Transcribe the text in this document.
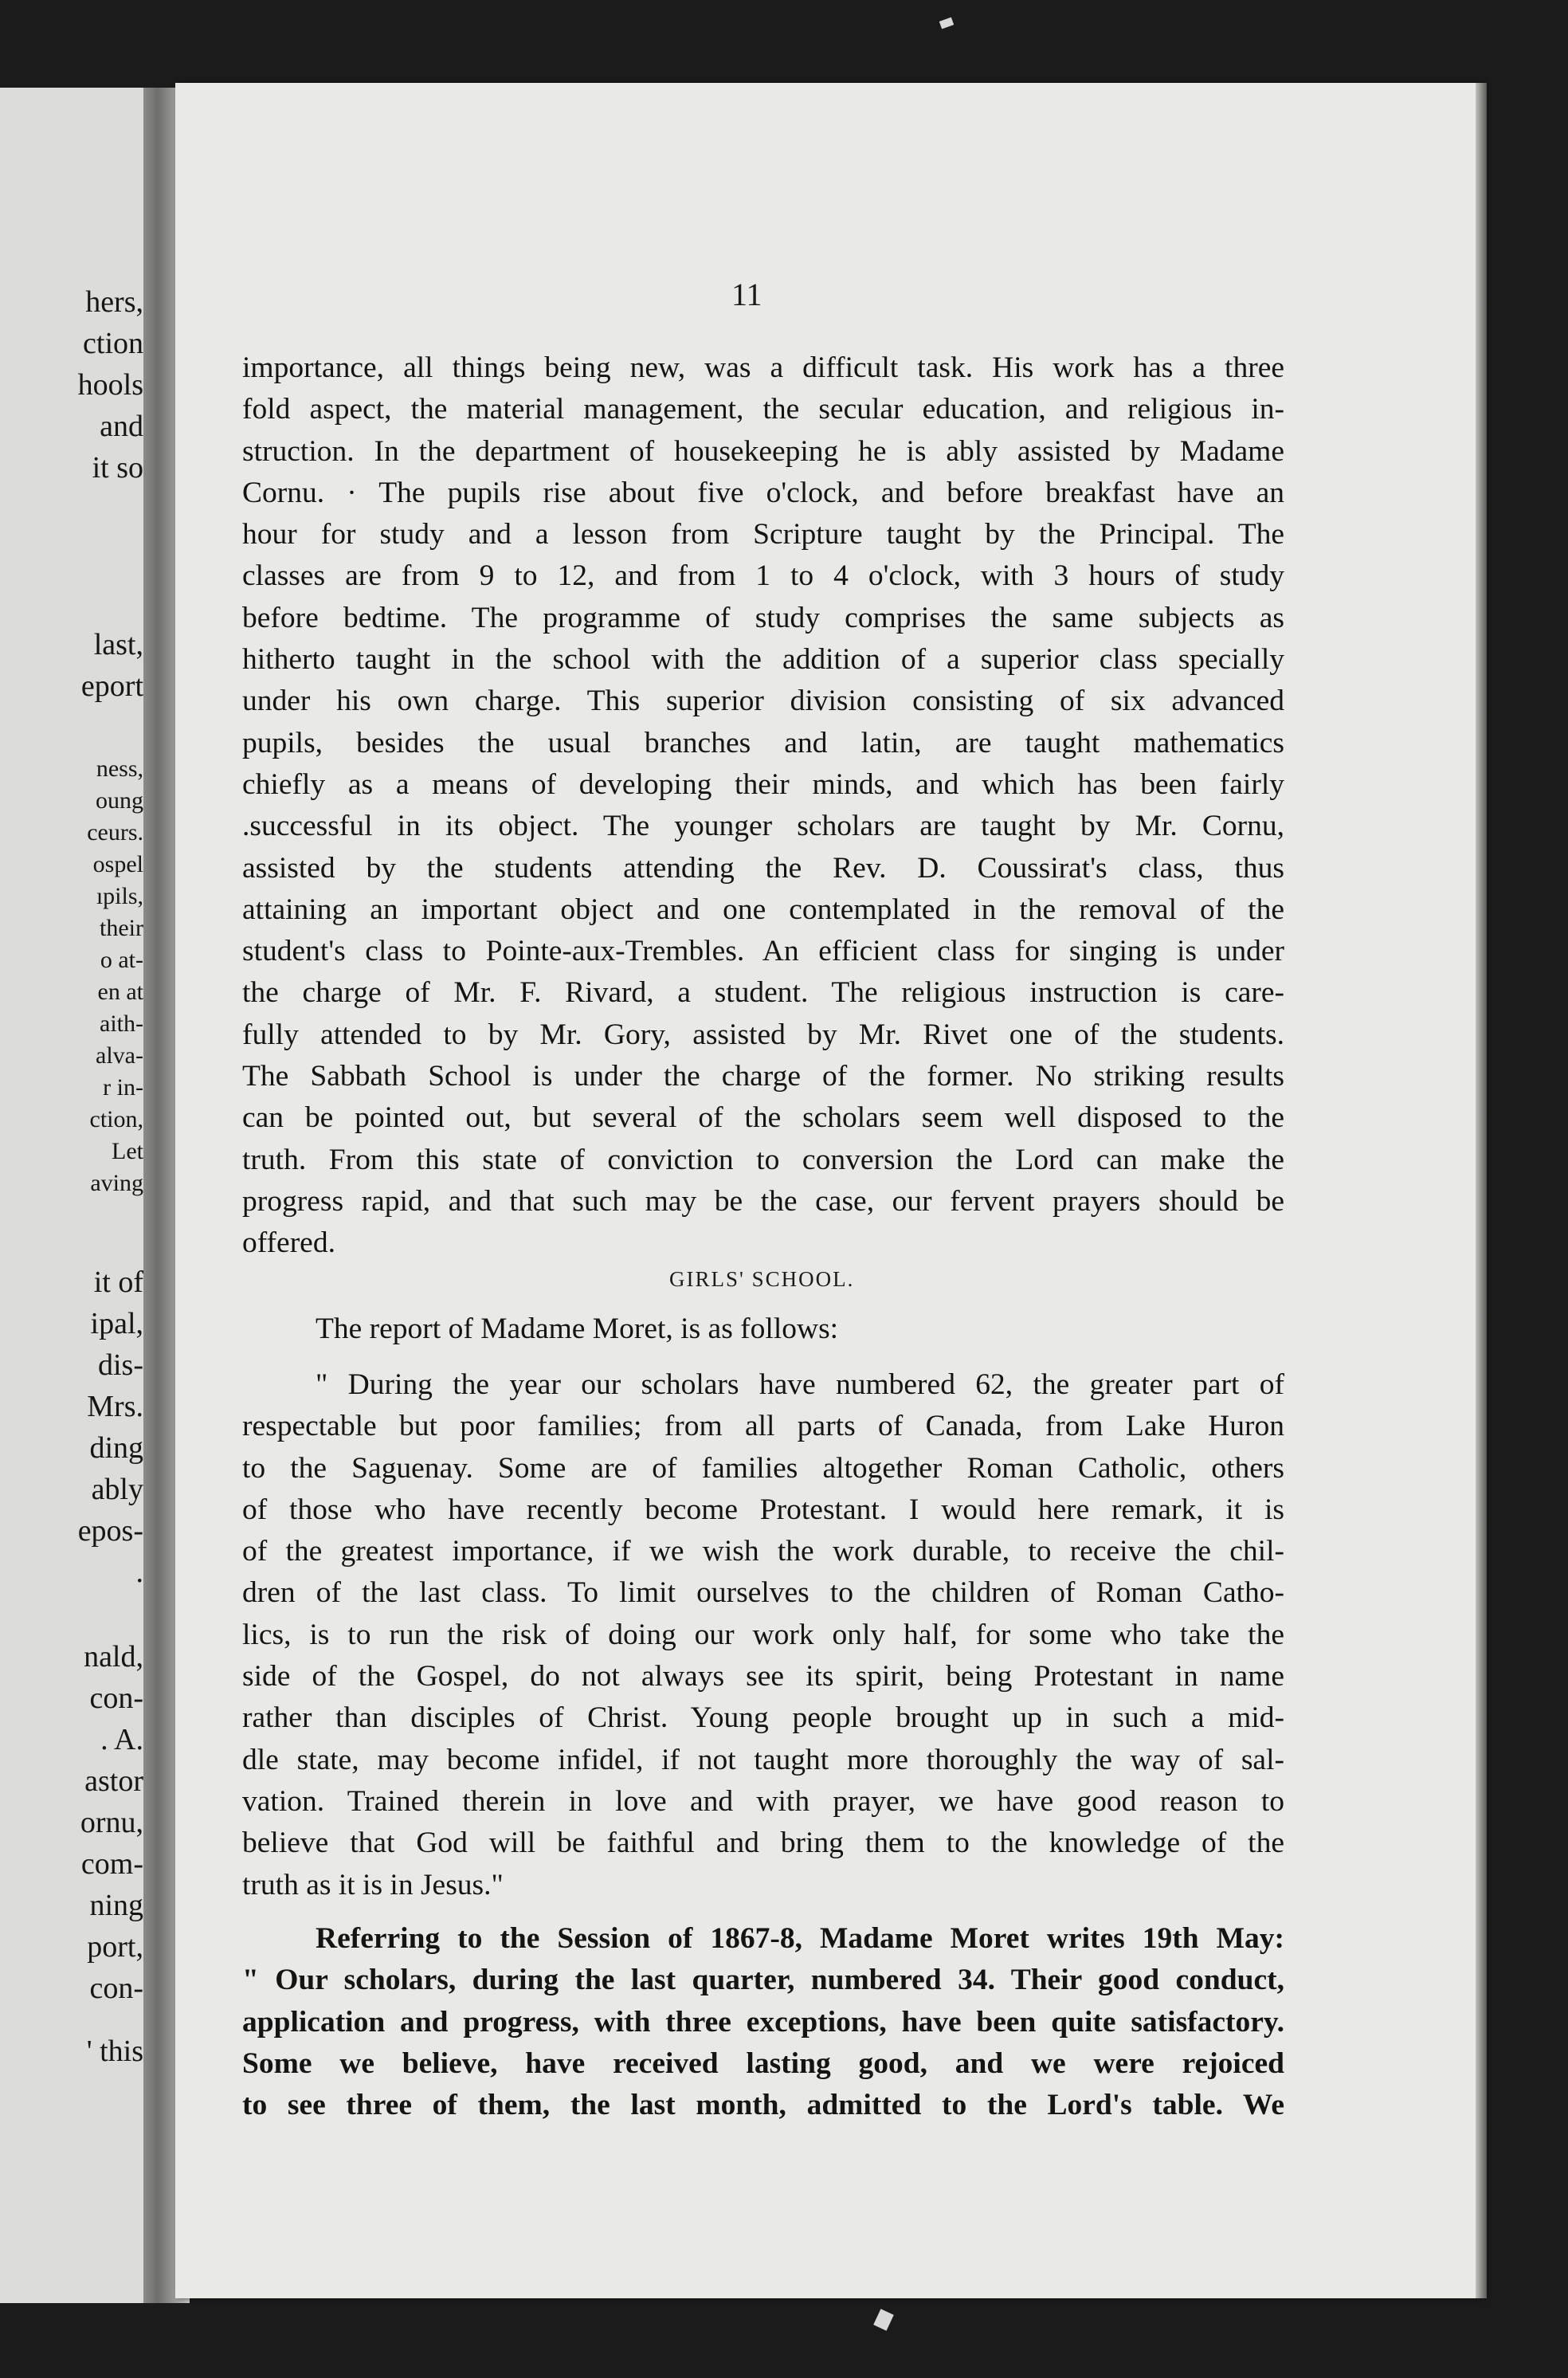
hers,
ction
hools
and
it so
last,
eport
ness,
oung
ceurs.
ospel
ıpils,
their
o at-
en at
aith-
alva-
r in-
ction,
Let
aving
it of
ipal,
dis-
Mrs.
ding
ably
epos-
.
nald,
con-
. A.
astor
ornu,
com-
ning
port,
con-
' this
11
importance, all things being new, was a difficult task. His work has a three
fold aspect, the material management, the secular education, and religious in-
struction. In the department of housekeeping he is ably assisted by Madame
Cornu. · The pupils rise about five o'clock, and before breakfast have an
hour for study and a lesson from Scripture taught by the Principal. The
classes are from 9 to 12, and from 1 to 4 o'clock, with 3 hours of study
before bedtime. The programme of study comprises the same subjects as
hitherto taught in the school with the addition of a superior class specially
under his own charge. This superior division consisting of six advanced
pupils, besides the usual branches and latin, are taught mathematics
chiefly as a means of developing their minds, and which has been fairly
.successful in its object. The younger scholars are taught by Mr. Cornu,
assisted by the students attending the Rev. D. Coussirat's class, thus
attaining an important object and one contemplated in the removal of the
student's class to Pointe-aux-Trembles. An efficient class for singing is under
the charge of Mr. F. Rivard, a student. The religious instruction is care-
fully attended to by Mr. Gory, assisted by Mr. Rivet one of the students.
The Sabbath School is under the charge of the former. No striking results
can be pointed out, but several of the scholars seem well disposed to the
truth. From this state of conviction to conversion the Lord can make the
progress rapid, and that such may be the case, our fervent prayers should be
offered.
GIRLS' SCHOOL.
The report of Madame Moret, is as follows:
" During the year our scholars have numbered 62, the greater part of
respectable but poor families; from all parts of Canada, from Lake Huron
to the Saguenay. Some are of families altogether Roman Catholic, others
of those who have recently become Protestant. I would here remark, it is
of the greatest importance, if we wish the work durable, to receive the chil-
dren of the last class. To limit ourselves to the children of Roman Catho-
lics, is to run the risk of doing our work only half, for some who take the
side of the Gospel, do not always see its spirit, being Protestant in name
rather than disciples of Christ. Young people brought up in such a mid-
dle state, may become infidel, if not taught more thoroughly the way of sal-
vation. Trained therein in love and with prayer, we have good reason to
believe that God will be faithful and bring them to the knowledge of the
truth as it is in Jesus."
Referring to the Session of 1867-8, Madame Moret writes 19th May:
" Our scholars, during the last quarter, numbered 34. Their good conduct,
application and progress, with three exceptions, have been quite satisfactory.
Some we believe, have received lasting good, and we were rejoiced
to see three of them, the last month, admitted to the Lord's table. We
